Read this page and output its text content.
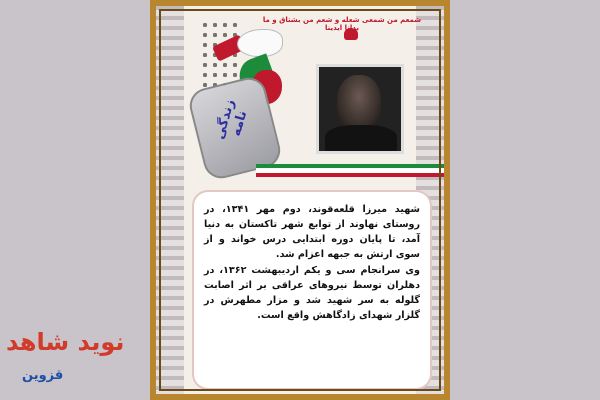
زندگی نامه
شمعم من شمعی شعله و شعم من بشتاق و ما بدانا ایدینا

شهید میرزا قلعه‌قوند، دوم مهر ۱۳۴۱، در روستای نهاوند از توابع شهر تاکستان به دنیا آمد، تا پایان دوره ابتدایی درس خواند و از سوی ارتش به جبهه اعزام شد.

وی سرانجام سی و یکم اردیبهشت ۱۳۶۲، در دهلران توسط نیروهای عراقی بر اثر اصابت گلوله به سر شهید شد و مزار مطهرش در گلزار شهدای زادگاهش واقع است.

نوید شاهد
قزوین
